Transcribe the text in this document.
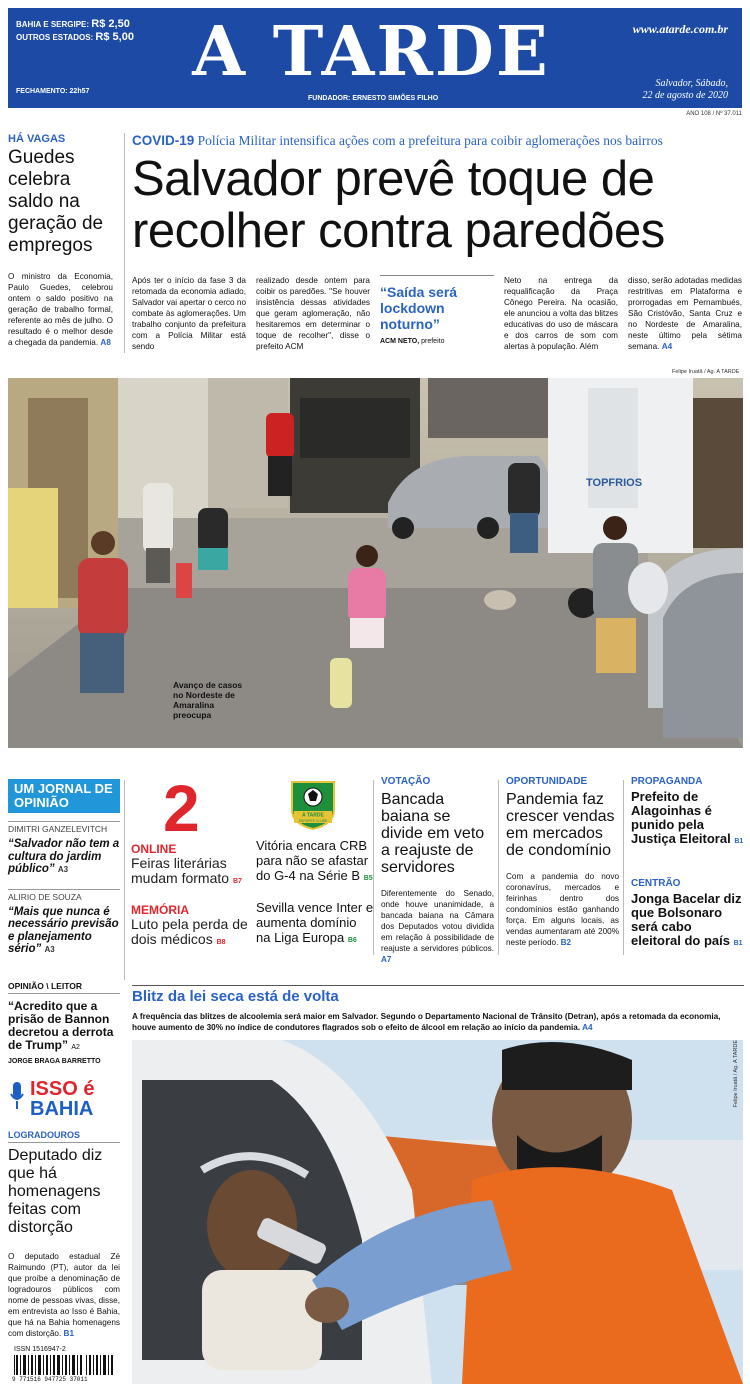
BAHIA E SERGIPE: R$ 2,50
OUTROS ESTADOS: R$ 5,00
FECHAMENTO: 22h57	A TARDE
FUNDADOR: ERNESTO SIMÕES FILHO
www.atarde.com.br
Salvador, Sábado,
22 de agosto de 2020
ANO 108 / Nº 37.011
HÁ VAGAS
Guedes celebra saldo na geração de empregos

O ministro da Economia, Paulo Guedes, celebrou ontem o saldo positivo na geração de trabalho formal, referente ao mês de julho. O resultado é o melhor desde a chegada da pandemia. A8

COVID-19 Polícia Militar intensifica ações com a prefeitura para coibir aglomerações nos bairros
Salvador prevê toque de recolher contra paredões
Após ter o início da fase 3 da retomada da economia adiado, Salvador vai apertar o cerco no combate às aglomerações. Um trabalho conjunto da prefeitura com a Polícia Militar está sendo
realizado desde ontem para coibir os paredões. "Se houver insistência dessas atividades que geram aglomeração, não hesitaremos em determinar o toque de recolher", disse o prefeito ACM
“Saída será lockdown noturno”
ACM NETO, prefeito
Neto na entrega da requalificação da Praça Cônego Pereira. Na ocasião, ele anunciou a volta das blitzes educativas do uso de máscara e dos carros de som com alertas à população. Além
disso, serão adotadas medidas restritivas em Plataforma e prorrogadas em Pernambués, São Cristóvão, Santa Cruz e no Nordeste de Amaralina, neste último pela sétima semana. A4
Felipe Iruatã / Ag. A TARDE
TOPFRIOS
Avanço de casos no Nordeste de Amaralina preocupa
UM JORNAL DE OPINIÃO
DIMITRI GANZELEVITCH
“Salvador não tem a cultura do jardim público” A3
ALIRIO DE SOUZA
“Mais que nunca é necessário previsão e planejamento sério” A3
OPINIÃO \ LEITOR
“Acredito que a prisão de Bannon decretou a derrota de Trump” A2
JORGE BRAGA BARRETTO
ISSO é
BAHIA
LOGRADOUROS
Deputado diz que há homenagens feitas com distorção

O deputado estadual Zé Raimundo (PT), autor da lei que proíbe a denominação de logradouros públicos com nome de pessoas vivas, disse, em entrevista ao Isso é Bahia, que há na Bahia homenagens com distorção. B1

ISSN 1516947-2
9 771516 947725 37011
2
ONLINE
Feiras literárias mudam formato B7
MEMÓRIA
Luto pela perda de dois médicos B8
A TARDE
ESPORTE CLUBE
Vitória encara CRB para não se afastar do G-4 na Série B B5
Sevilla vence Inter e aumenta domínio na Liga Europa B6
VOTAÇÃO
Bancada baiana se divide em veto a reajuste de servidores

Diferentemente do Senado, onde houve unanimidade, a bancada baiana na Câmara dos Deputados votou dividida em relação à possibilidade de reajuste a servidores públicos. A7

OPORTUNIDADE
Pandemia faz crescer vendas em mercados de condomínio

Com a pandemia do novo coronavírus, mercados e feirinhas dentro dos condomínios estão ganhando força. Em alguns locais, as vendas aumentaram até 200% neste período. B2

PROPAGANDA
Prefeito de Alagoinhas é punido pela Justiça Eleitoral B1
CENTRÃO
Jonga Bacelar diz que Bolsonaro será cabo eleitoral do país B1
Blitz da lei seca está de volta

A frequência das blitzes de alcoolemia será maior em Salvador. Segundo o Departamento Nacional de Trânsito (Detran), após a retomada da economia, houve aumento de 30% no índice de condutores flagrados sob o efeito de álcool em relação ao início da pandemia. A4

Felipe Iruatã / Ag. A TARDE
